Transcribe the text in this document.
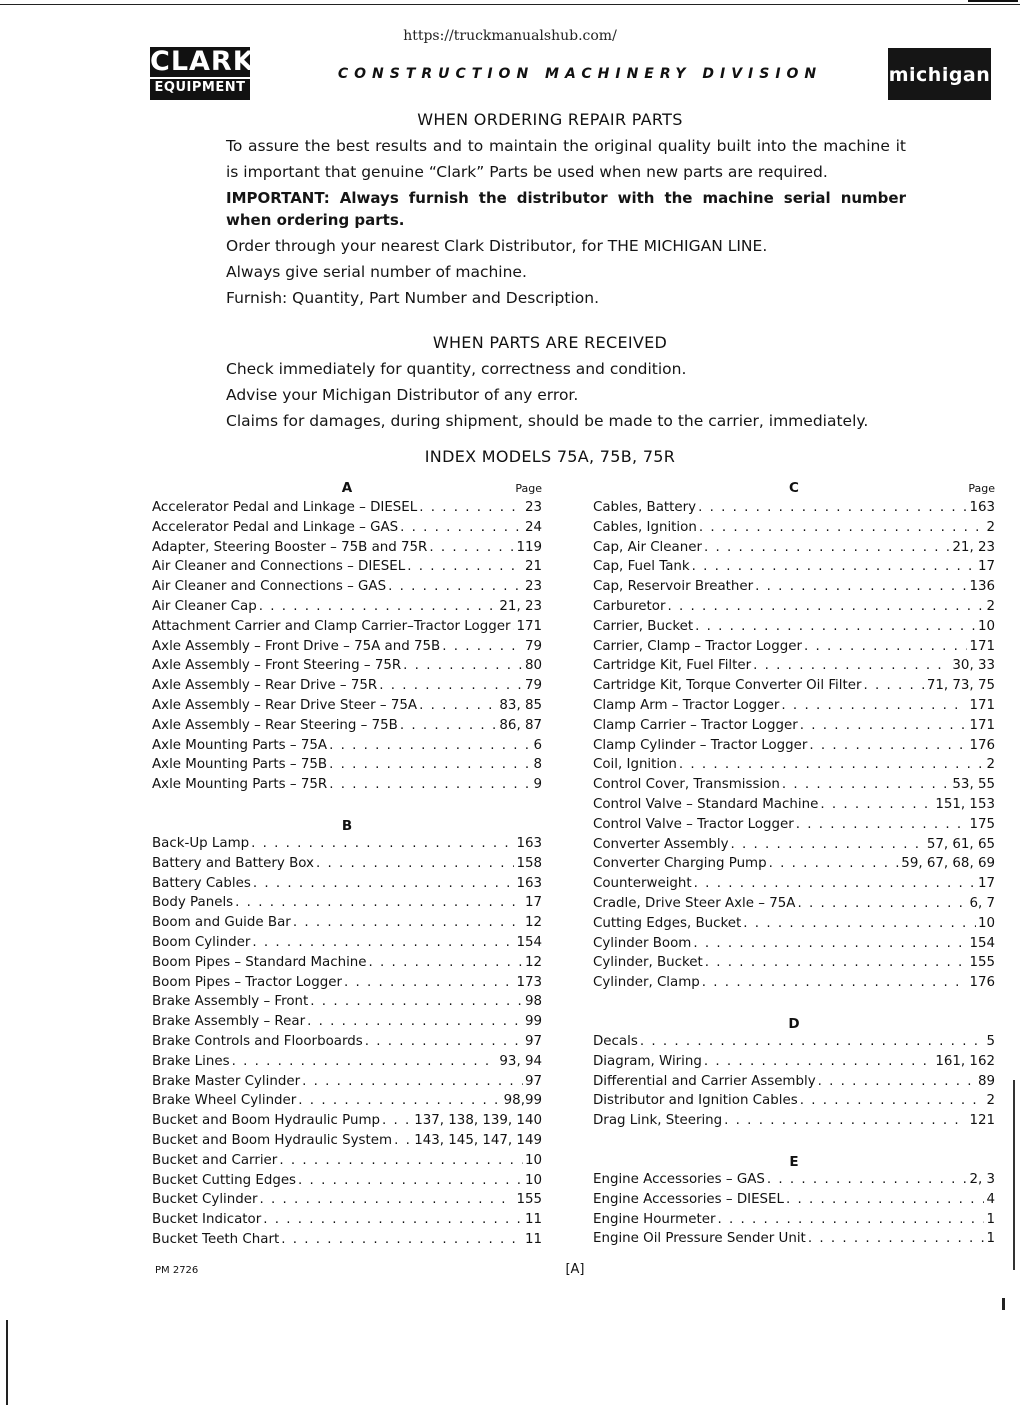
https://truckmanualshub.com/
CLARK
EQUIPMENT
CONSTRUCTION MACHINERY DIVISION	michigan
WHEN ORDERING REPAIR PARTS

To assure the best results and to maintain the original quality built into the machine it is important that genuine “Clark” Parts be used when new parts are required.

IMPORTANT: Always furnish the distributor with the machine serial number when ordering parts.

Order through your nearest Clark Distributor, for THE MICHIGAN LINE.

Always give serial number of machine.

Furnish: Quantity, Part Number and Description.

WHEN PARTS ARE RECEIVED

Check immediately for quantity, correctness and condition.

Advise your Michigan Distributor of any error.

Claims for damages, during shipment, should be made to the carrier, immediately.

INDEX MODELS 75A, 75B, 75R
A	Page
Accelerator Pedal and Linkage – DIESEL . . .	23
Accelerator Pedal and Linkage – GAS . . .	24
Adapter, Steering Booster – 75B and 75R . . .	119
Air Cleaner and Connections – DIESEL . . .	21
Air Cleaner and Connections – GAS . . .	23
Air Cleaner Cap . . .	21, 23
Attachment Carrier and Clamp Carrier–Tractor Logger . . . 171
Axle Assembly – Front Drive – 75A and 75B . . .	79
Axle Assembly – Front Steering – 75R . . .	80
Axle Assembly – Rear Drive – 75R . . .	79
Axle Assembly – Rear Drive Steer – 75A . . .	83, 85
Axle Assembly – Rear Steering – 75B . . .	86, 87
Axle Mounting Parts – 75A . . .	6
Axle Mounting Parts – 75B . . .	8
Axle Mounting Parts – 75R . . .	9
B
Back-Up Lamp . . .	163
Battery and Battery Box . . .	158
Battery Cables . . .	163
Body Panels . . .	17
Boom and Guide Bar . . .	12
Boom Cylinder . . .	154
Boom Pipes – Standard Machine . . .	12
Boom Pipes – Tractor Logger . . .	173
Brake Assembly – Front . . .	98
Brake Assembly – Rear . . .	99
Brake Controls and Floorboards . . .	97
Brake Lines . . .	93, 94
Brake Master Cylinder . . .	97
Brake Wheel Cylinder . . .	98,99
Bucket and Boom Hydraulic Pump . . .	137, 138, 139, 140
Bucket and Boom Hydraulic System . . . 143, 145, 147, 149
Bucket and Carrier . . .	10
Bucket Cutting Edges . . .	10
Bucket Cylinder . . .	155
Bucket Indicator . . .	11
Bucket Teeth Chart . . .	11
C	Page
Cables, Battery . . .	163
Cables, Ignition . . .	2
Cap, Air Cleaner . . .	21, 23
Cap, Fuel Tank . . .	17
Cap, Reservoir Breather . . .	136
Carburetor . . .	2
Carrier, Bucket . . .	10
Carrier, Clamp – Tractor Logger . . .	171
Cartridge Kit, Fuel Filter . . .	30, 33
Cartridge Kit, Torque Converter Oil Filter . . .	71, 73, 75
Clamp Arm – Tractor Logger . . .	171
Clamp Carrier – Tractor Logger . . .	171
Clamp Cylinder – Tractor Logger . . .	176
Coil, Ignition . . .	2
Control Cover, Transmission . . .	53, 55
Control Valve – Standard Machine . . .	151, 153
Control Valve – Tractor Logger . . .	175
Converter Assembly . . .	57, 61, 65
Converter Charging Pump . . .	59, 67, 68, 69
Counterweight . . .	17
Cradle, Drive Steer Axle – 75A . . .	6, 7
Cutting Edges, Bucket . . .	10
Cylinder Boom . . .	154
Cylinder, Bucket . . .	155
Cylinder, Clamp . . .	176
D
Decals . . .	5
Diagram, Wiring . . .	161, 162
Differential and Carrier Assembly . . .	89
Distributor and Ignition Cables . . .	2
Drag Link, Steering . . .	121
E
Engine Accessories – GAS . . .	2, 3
Engine Accessories – DIESEL . . .	4
Engine Hourmeter . . .	1
Engine Oil Pressure Sender Unit . . .	1
PM 2726	[A]
